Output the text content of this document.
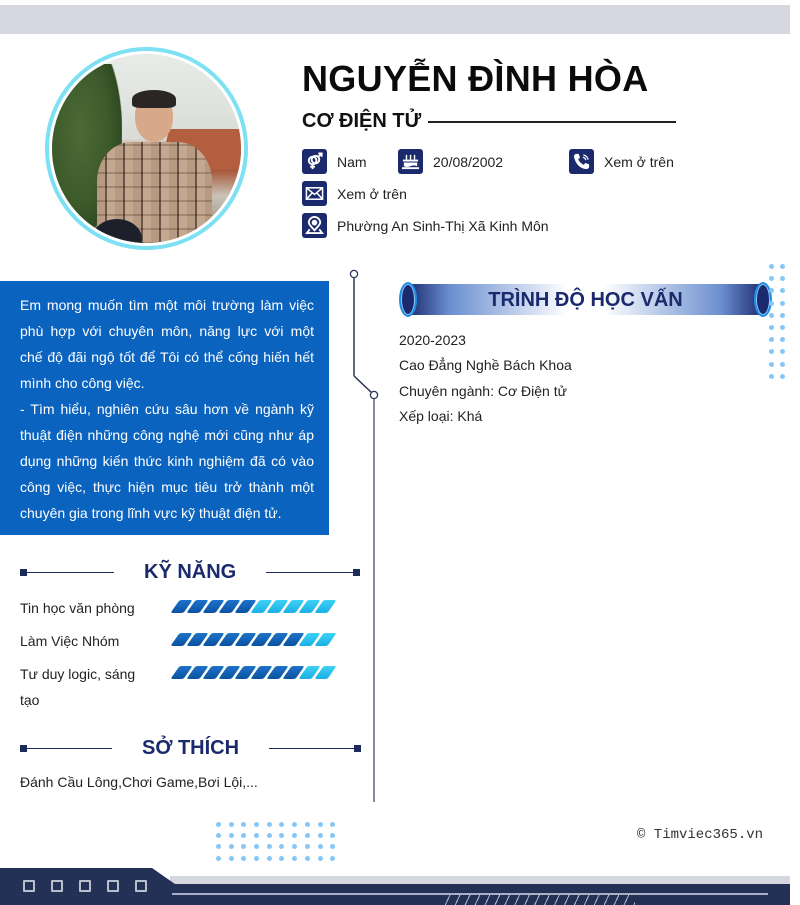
NGUYỄN ĐÌNH HÒA
CƠ ĐIỆN TỬ
Nam	20/08/2002	Xem ở trên
Xem ở trên
Phường An Sinh-Thị Xã Kinh Môn

Em mong muốn tìm một môi trường làm việc phù hợp với chuyên môn, năng lực với một chế độ đãi ngộ tốt để Tôi có thể cống hiến hết mình cho công việc.

- Tìm hiểu, nghiên cứu sâu hơn về ngành kỹ thuật điện những công nghệ mới cũng như áp dụng những kiến thức kinh nghiệm đã có vào công việc, thực hiện mục tiêu trở thành một chuyên gia trong lĩnh vực kỹ thuật điện tử.

KỸ NĂNG
Tin học văn phòng
Làm Việc Nhóm
Tư duy logic, sáng tạo
SỞ THÍCH
Đánh Cầu Lông,Chơi Game,Bơi Lội,...
TRÌNH ĐỘ HỌC VẤN
2020-2023
Cao Đẳng Nghề Bách Khoa
Chuyên ngành: Cơ Điện tử
Xếp loại: Khá
© Timviec365.vn
